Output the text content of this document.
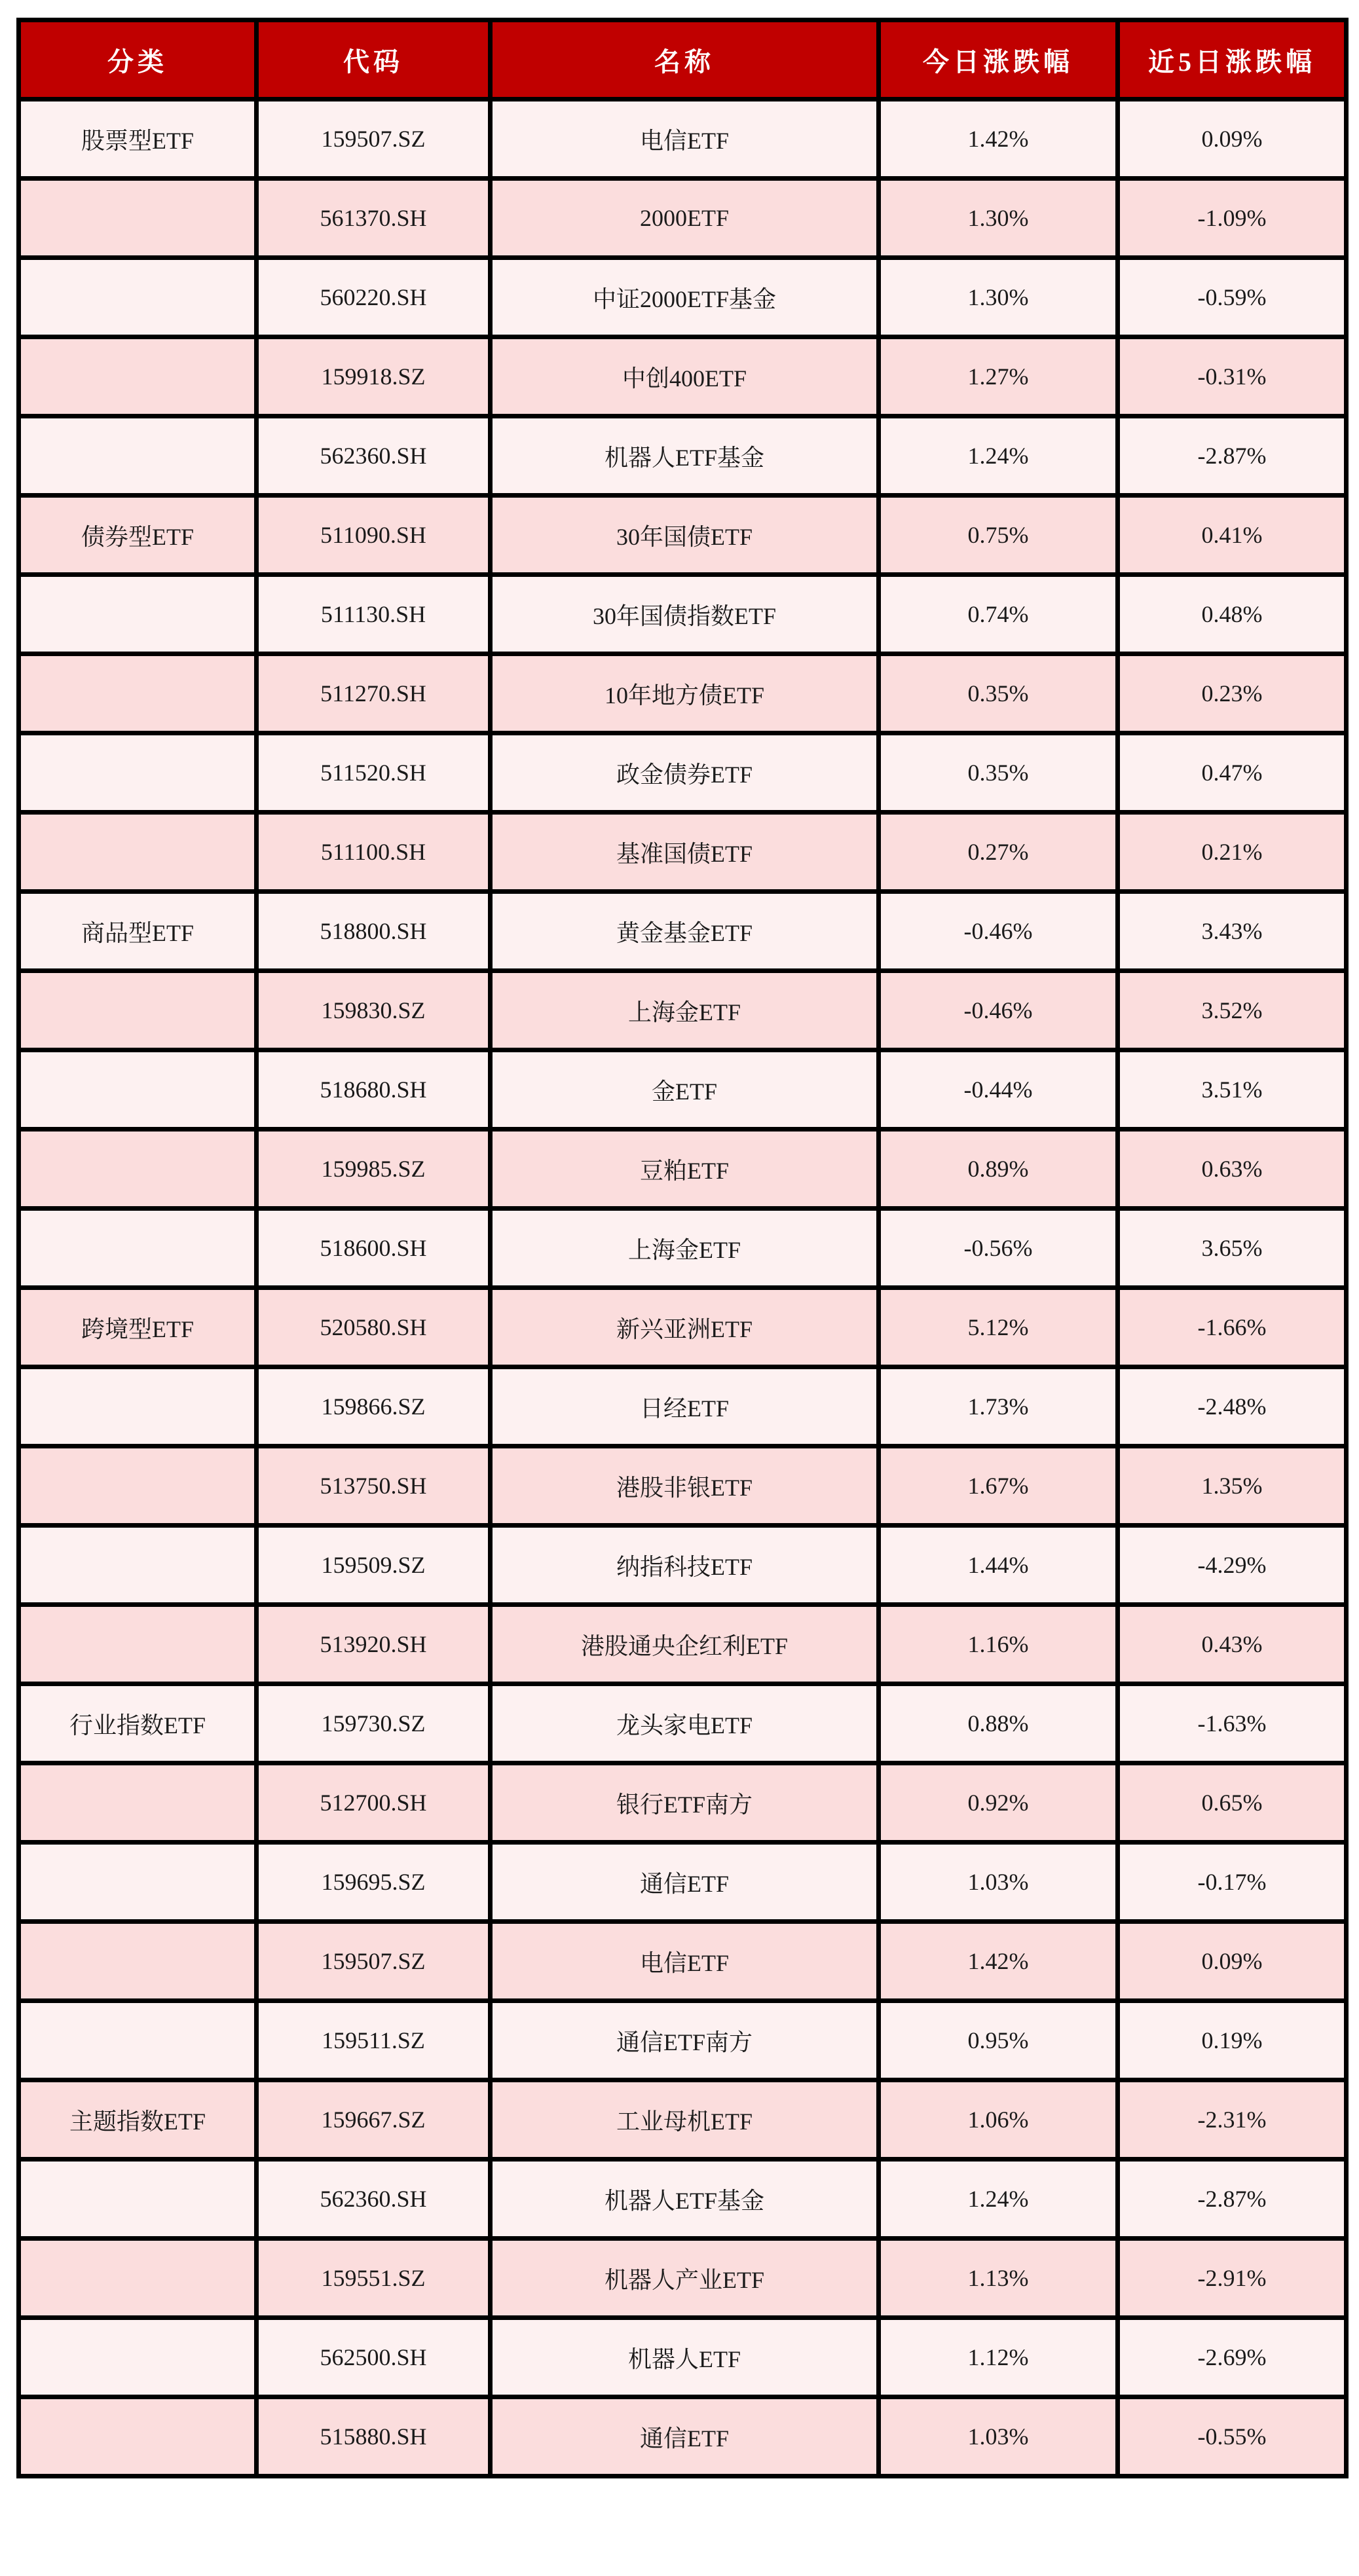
分类	代码	名称	今日涨跌幅	近5日涨跌幅
股票型ETF	159507.SZ	电信ETF	1.42%	0.09%
	561370.SH	2000ETF	1.30%	-1.09%
	560220.SH	中证2000ETF基金	1.30%	-0.59%
	159918.SZ	中创400ETF	1.27%	-0.31%
	562360.SH	机器人ETF基金	1.24%	-2.87%
债券型ETF	511090.SH	30年国债ETF	0.75%	0.41%
	511130.SH	30年国债指数ETF	0.74%	0.48%
	511270.SH	10年地方债ETF	0.35%	0.23%
	511520.SH	政金债券ETF	0.35%	0.47%
	511100.SH	基准国债ETF	0.27%	0.21%
商品型ETF	518800.SH	黄金基金ETF	-0.46%	3.43%
	159830.SZ	上海金ETF	-0.46%	3.52%
	518680.SH	金ETF	-0.44%	3.51%
	159985.SZ	豆粕ETF	0.89%	0.63%
	518600.SH	上海金ETF	-0.56%	3.65%
跨境型ETF	520580.SH	新兴亚洲ETF	5.12%	-1.66%
	159866.SZ	日经ETF	1.73%	-2.48%
	513750.SH	港股非银ETF	1.67%	1.35%
	159509.SZ	纳指科技ETF	1.44%	-4.29%
	513920.SH	港股通央企红利ETF	1.16%	0.43%
行业指数ETF	159730.SZ	龙头家电ETF	0.88%	-1.63%
	512700.SH	银行ETF南方	0.92%	0.65%
	159695.SZ	通信ETF	1.03%	-0.17%
	159507.SZ	电信ETF	1.42%	0.09%
	159511.SZ	通信ETF南方	0.95%	0.19%
主题指数ETF	159667.SZ	工业母机ETF	1.06%	-2.31%
	562360.SH	机器人ETF基金	1.24%	-2.87%
	159551.SZ	机器人产业ETF	1.13%	-2.91%
	562500.SH	机器人ETF	1.12%	-2.69%
	515880.SH	通信ETF	1.03%	-0.55%
